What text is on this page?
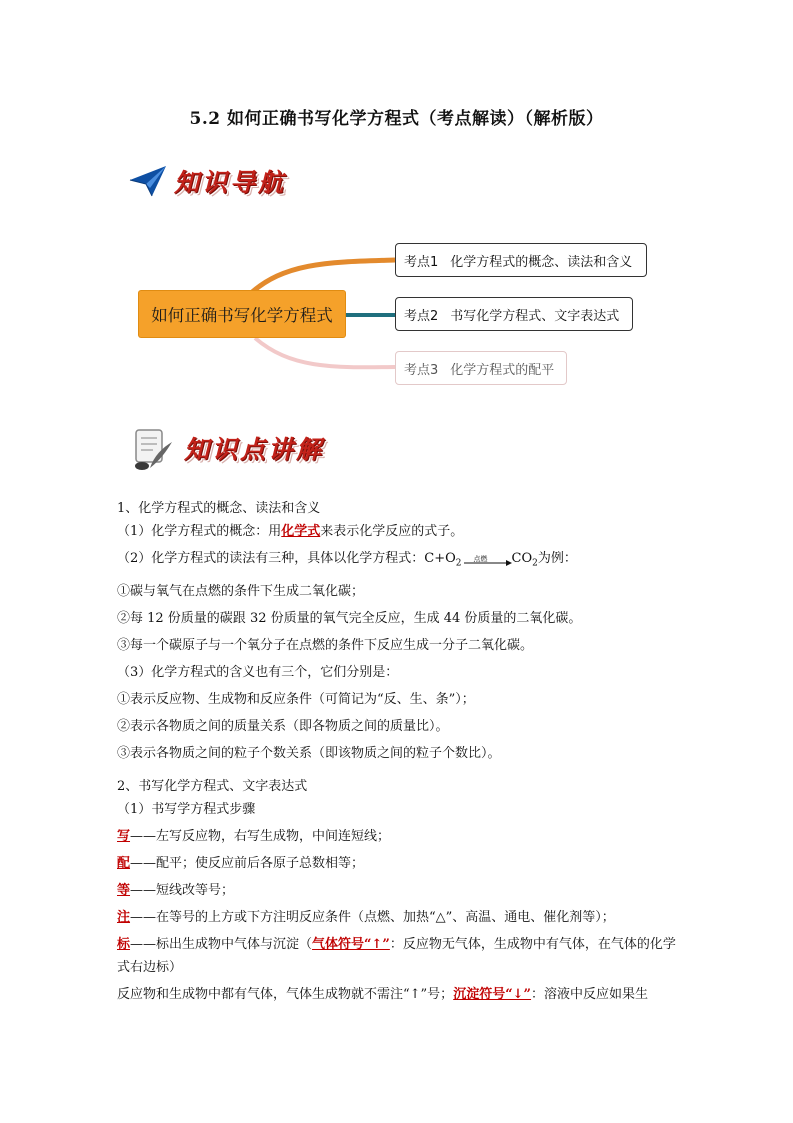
5.2 如何正确书写化学方程式（考点解读）（解析版）
知识导航
如何正确书写化学方程式
考点1 化学方程式的概念、读法和含义
考点2 书写化学方程式、文字表达式
考点3 化学方程式的配平
知识点讲解

1、化学方程式的概念、读法和含义

（1）化学方程式的概念：用化学式来表示化学反应的式子。

（2）化学方程式的读法有三种，具体以化学方程式：$C+O_2$
点燃 $CO_2$为例：

①碳与氧气在点燃的条件下生成二氧化碳；

②每 12 份质量的碳跟 32 份质量的氧气完全反应，生成 44 份质量的二氧化碳。

③每一个碳原子与一个氧分子在点燃的条件下反应生成一分子二氧化碳。

（3）化学方程式的含义也有三个，它们分别是：

①表示反应物、生成物和反应条件（可简记为“反、生、条”）；

②表示各物质之间的质量关系（即各物质之间的质量比）。

③表示各物质之间的粒子个数关系（即该物质之间的粒子个数比）。

2、书写化学方程式、文字表达式

（1）书写学方程式步骤

写——左写反应物，右写生成物，中间连短线；

配——配平；使反应前后各原子总数相等；

等——短线改等号；

注——在等号的上方或下方注明反应条件（点燃、加热“△”、高温、通电、催化剂等）；

标——标出生成物中气体与沉淀（气体符号“↑”：反应物无气体，生成物中有气体，在气体的化学式右边标）

反应物和生成物中都有气体，气体生成物就不需注“↑”号；沉淀符号“↓”：溶液中反应如果生
